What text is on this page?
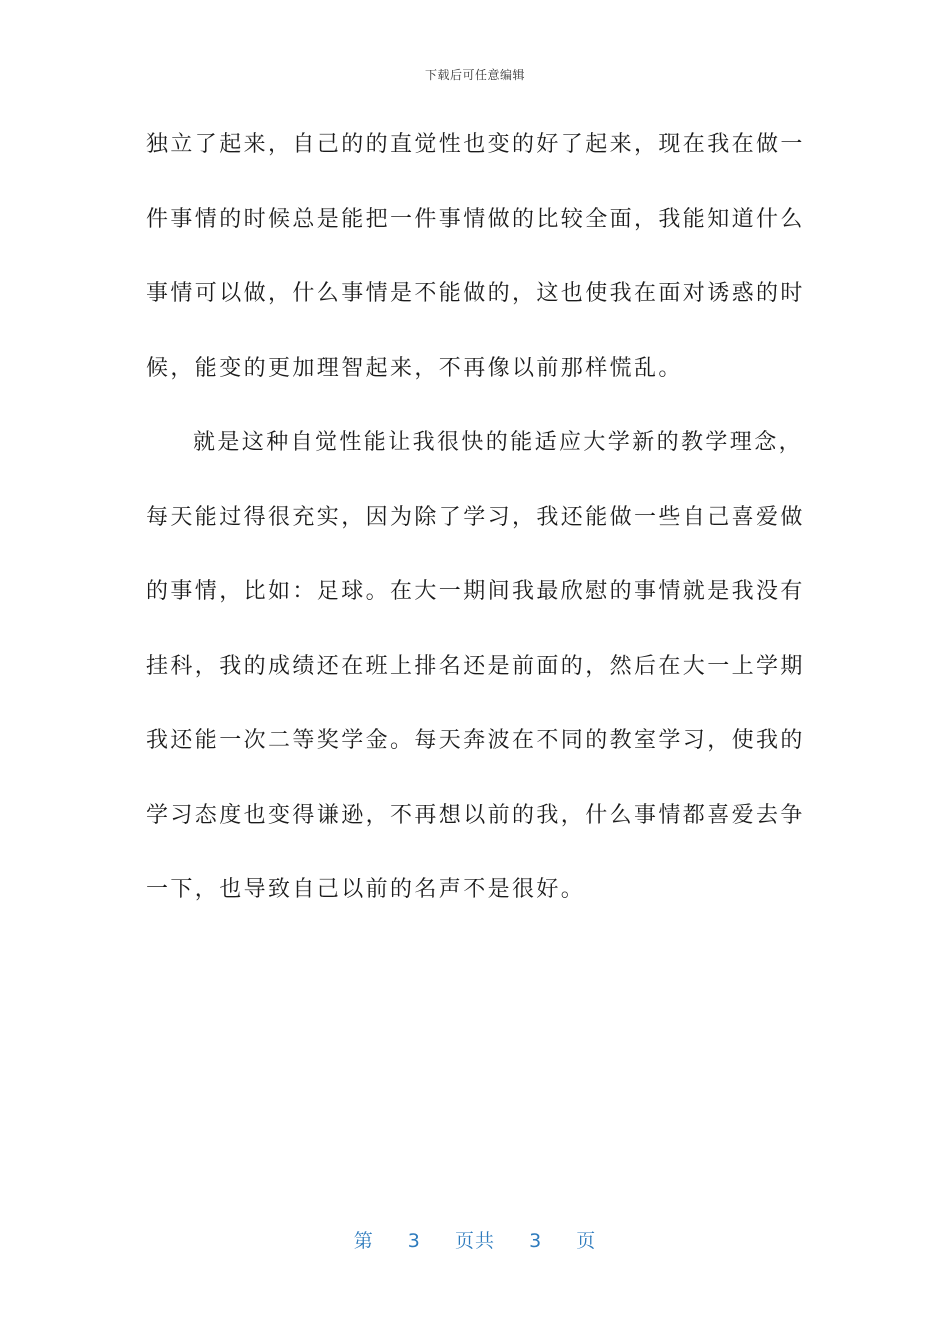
下载后可任意编辑
独立了起来，自己的的直觉性也变的好了起来，现在我在做一
件事情的时候总是能把一件事情做的比较全面，我能知道什么
事情可以做，什么事情是不能做的，这也使我在面对诱惑的时
候，能变的更加理智起来，不再像以前那样慌乱。
就是这种自觉性能让我很快的能适应大学新的教学理念，
每天能过得很充实，因为除了学习，我还能做一些自己喜爱做
的事情，比如：足球。在大一期间我最欣慰的事情就是我没有
挂科，我的成绩还在班上排名还是前面的，然后在大一上学期
我还能一次二等奖学金。每天奔波在不同的教室学习，使我的
学习态度也变得谦逊，不再想以前的我，什么事情都喜爱去争
一下，也导致自己以前的名声不是很好。
第 3 页共 3 页
